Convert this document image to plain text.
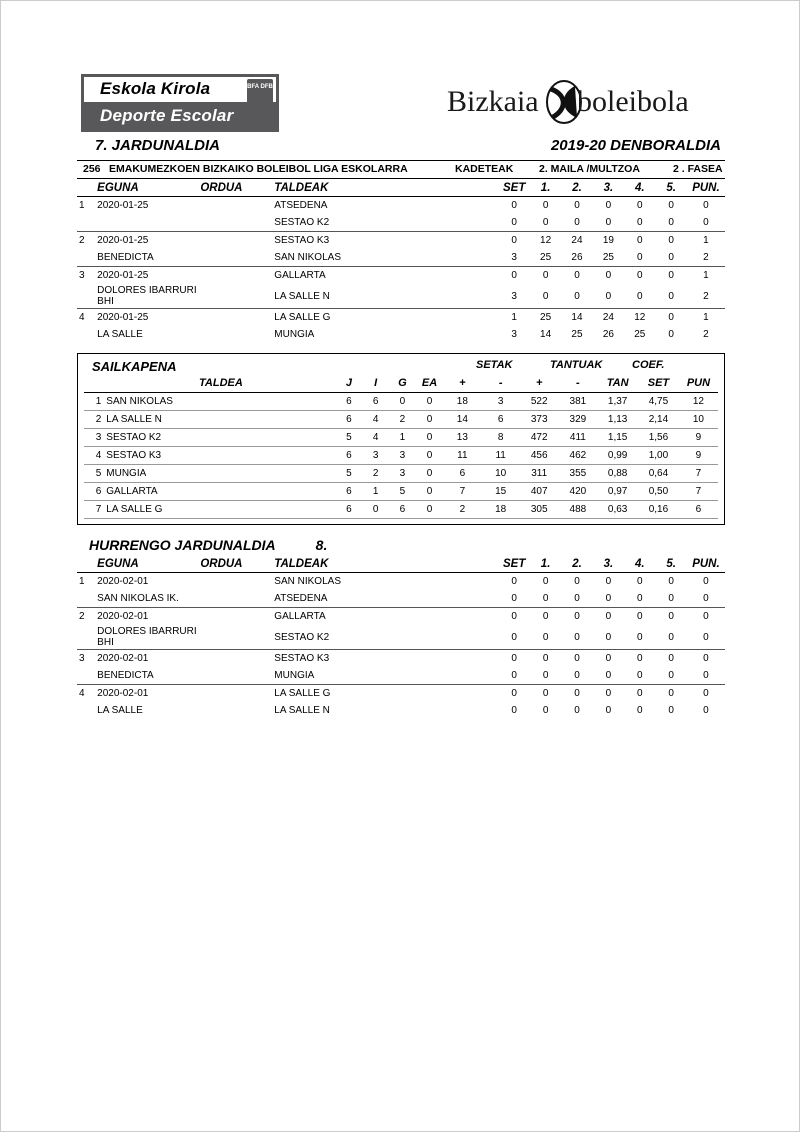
Eskola Kirola
Deporte Escolar
BFA DFB	Bizkaia boleibola
7. JARDUNALDIA	2019-20 DENBORALDIA
256 EMAKUMEZKOEN BIZKAIKO BOLEIBOL LIGA ESKOLARRA	KADETEAK 2. MAILA /MULTZOA	2 . FASEA
	EGUNA	ORDUA	TALDEAK	SET	1.	2.	3.	4.	5.	PUN.
1	2020-01-25		ATSEDENA	0	0	0	0	0	0	0
			SESTAO K2	0	0	0	0	0	0	0
2	2020-01-25		SESTAO K3	0	12	24	19	0	0	1
	BENEDICTA		SAN NIKOLAS	3	25	26	25	0	0	2
3	2020-01-25		GALLARTA	0	0	0	0	0	0	1
	DOLORES IBARRURI BHI		LA SALLE N	3	0	0	0	0	0	2
4	2020-01-25		LA SALLE G	1	25	14	24	12	0	1
	LA SALLE		MUNGIA	3	14	25	26	25	0	2
SAILKAPENA	SETAK	TANTUAK	COEF.
	TALDEA	J	I	G	EA	+	-	+	-	TAN	SET	PUN
1	SAN NIKOLAS	6	6	0	0	18	3	522	381	1,37	4,75	12
2	LA SALLE N	6	4	2	0	14	6	373	329	1,13	2,14	10
3	SESTAO K2	5	4	1	0	13	8	472	411	1,15	1,56	9
4	SESTAO K3	6	3	3	0	11	11	456	462	0,99	1,00	9
5	MUNGIA	5	2	3	0	6	10	311	355	0,88	0,64	7
6	GALLARTA	6	1	5	0	7	15	407	420	0,97	0,50	7
7	LA SALLE G	6	0	6	0	2	18	305	488	0,63	0,16	6
HURRENGO JARDUNALDIA	8.
	EGUNA	ORDUA	TALDEAK	SET	1.	2.	3.	4.	5.	PUN.
1	2020-02-01		SAN NIKOLAS	0	0	0	0	0	0	0
	SAN NIKOLAS IK.		ATSEDENA	0	0	0	0	0	0	0
2	2020-02-01		GALLARTA	0	0	0	0	0	0	0
	DOLORES IBARRURI BHI		SESTAO K2	0	0	0	0	0	0	0
3	2020-02-01		SESTAO K3	0	0	0	0	0	0	0
	BENEDICTA		MUNGIA	0	0	0	0	0	0	0
4	2020-02-01		LA SALLE G	0	0	0	0	0	0	0
	LA SALLE		LA SALLE N	0	0	0	0	0	0	0
